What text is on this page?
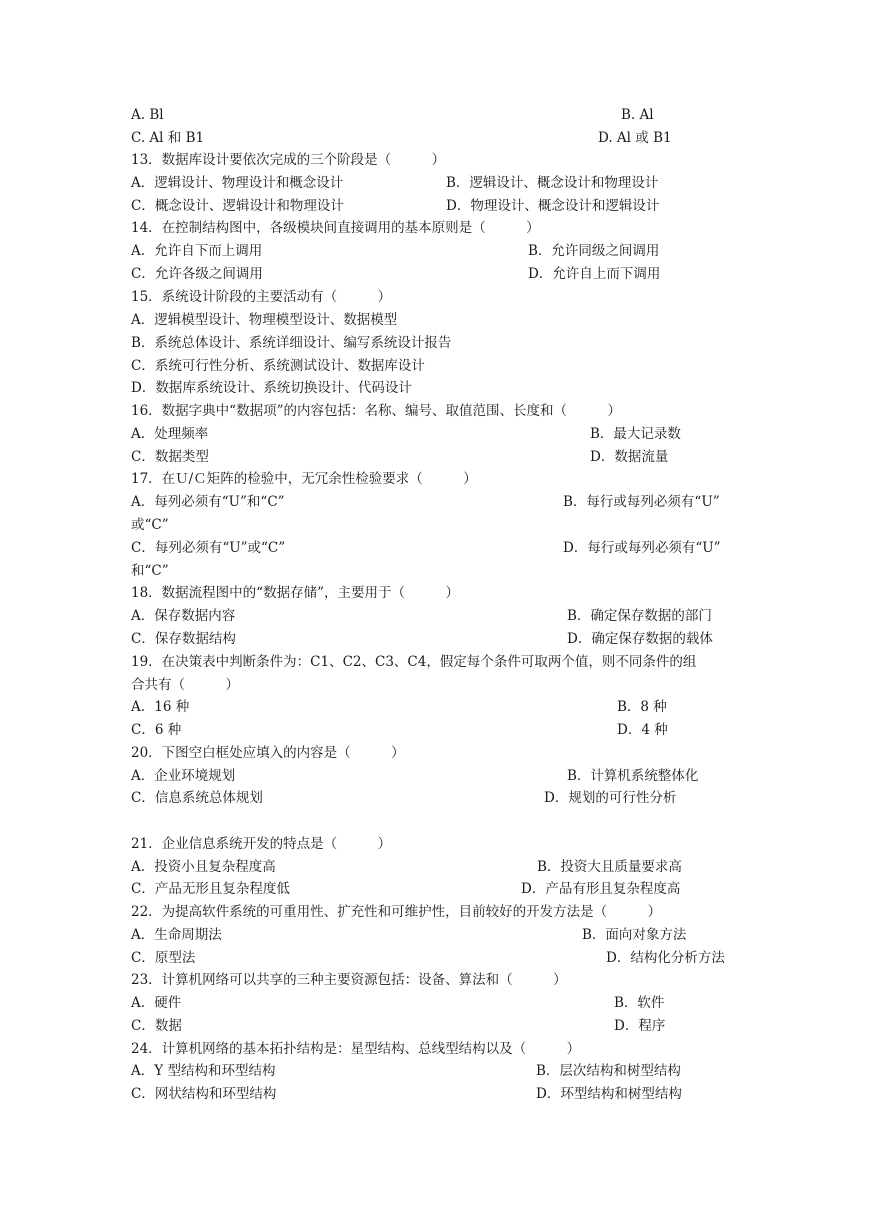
A. Bl	B. Al
C. Al 和 B1	D. Al 或 B1
13．数据库设计要依次完成的三个阶段是（　　　）
A．逻辑设计、物理设计和概念设计	B．逻辑设计、概念设计和物理设计
C．概念设计、逻辑设计和物理设计	D．物理设计、概念设计和逻辑设计
14．在控制结构图中，各级模块间直接调用的基本原则是（　　　）
A．允许自下而上调用	B．允许同级之间调用
C．允许各级之间调用	D．允许自上而下调用
15．系统设计阶段的主要活动有（　　　）
A．逻辑模型设计、物理模型设计、数据模型
B．系统总体设计、系统详细设计、编写系统设计报告
C．系统可行性分析、系统测试设计、数据库设计
D．数据库系统设计、系统切换设计、代码设计
16．数据字典中“数据项”的内容包括：名称、编号、取值范围、长度和（　　　）
A．处理频率	B．最大记录数
C．数据类型	D．数据流量
17．在Ｕ/Ｃ矩阵的检验中，无冗余性检验要求（　　　）
A．每列必须有“U”和“C”	B．每行或每列必须有“U”
或“C”
C．每列必须有“U”或“C”	D．每行或每列必须有“U”
和“C”
18．数据流程图中的“数据存储”，主要用于（　　　）
A．保存数据内容	B．确定保存数据的部门
C．保存数据结构	D．确定保存数据的载体
19．在决策表中判断条件为：C1、C2、C3、C4，假定每个条件可取两个值，则不同条件的组
合共有（　　　）
A．16 种	B．8 种
C．6 种	D．4 种
20．下图空白框处应填入的内容是（　　　）
A．企业环境规划	B．计算机系统整体化
C．信息系统总体规划	D．规划的可行性分析
21．企业信息系统开发的特点是（　　　）
A．投资小且复杂程度高	B．投资大且质量要求高
C．产品无形且复杂程度低	D．产品有形且复杂程度高
22．为提高软件系统的可重用性、扩充性和可维护性，目前较好的开发方法是（　　　）
A．生命周期法	B．面向对象方法
C．原型法	D．结构化分析方法
23．计算机网络可以共享的三种主要资源包括：设备、算法和（　　　）
A．硬件	B．软件
C．数据	D．程序
24．计算机网络的基本拓扑结构是：星型结构、总线型结构以及（　　　）
A．Y 型结构和环型结构	B．层次结构和树型结构
C．网状结构和环型结构	D．环型结构和树型结构
